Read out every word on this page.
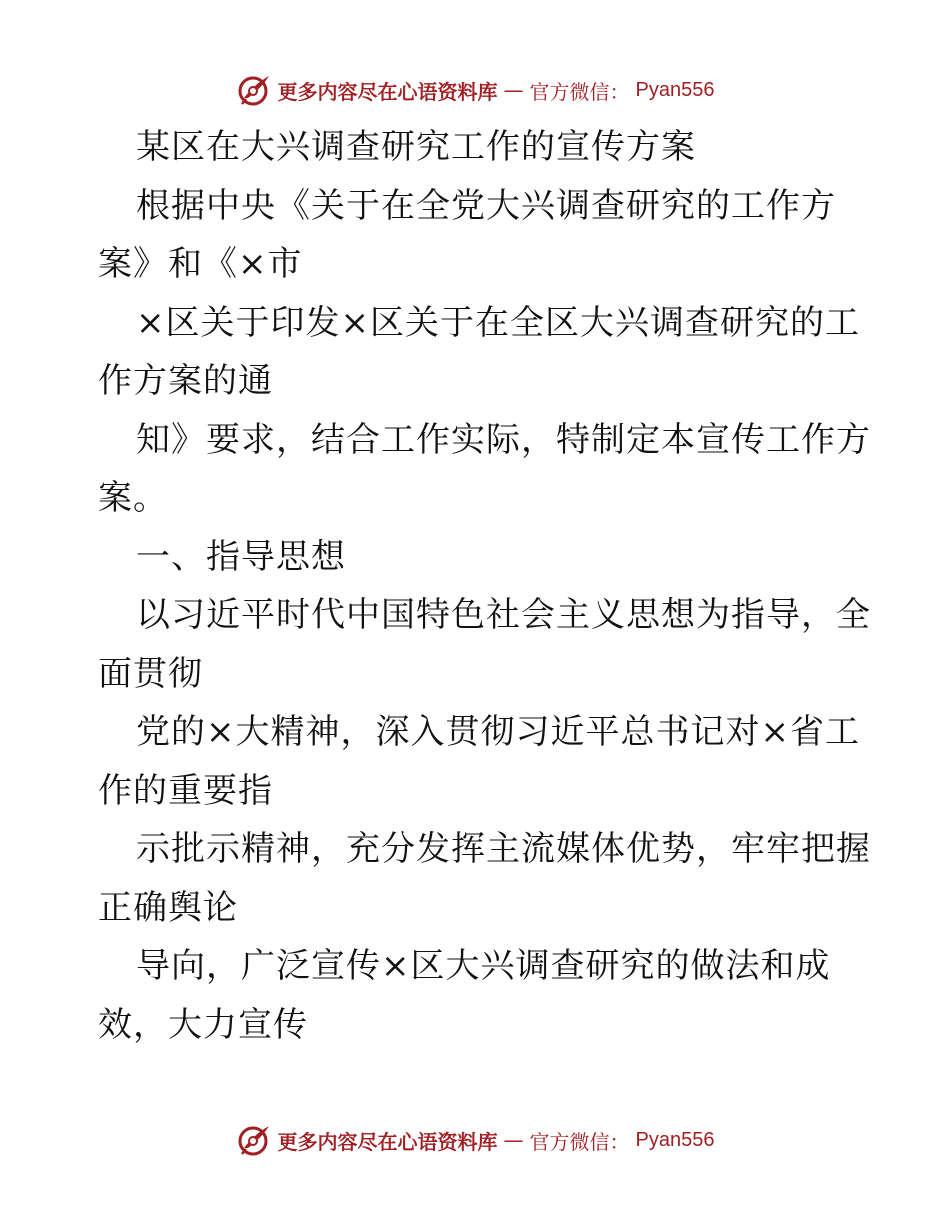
更多内容尽在心语资料库 — 官方微信： Pyan556
某区在大兴调查研究工作的宣传方案
根据中央《关于在全党大兴调查研究的工作方
案》和《×市
×区关于印发×区关于在全区大兴调查研究的工
作方案的通
知》要求，结合工作实际，特制定本宣传工作方
案。
一、指导思想
以习近平时代中国特色社会主义思想为指导，全
面贯彻
党的×大精神，深入贯彻习近平总书记对×省工
作的重要指
示批示精神，充分发挥主流媒体优势，牢牢把握
正确舆论
导向，广泛宣传×区大兴调查研究的做法和成
效，大力宣传
更多内容尽在心语资料库 — 官方微信： Pyan556
